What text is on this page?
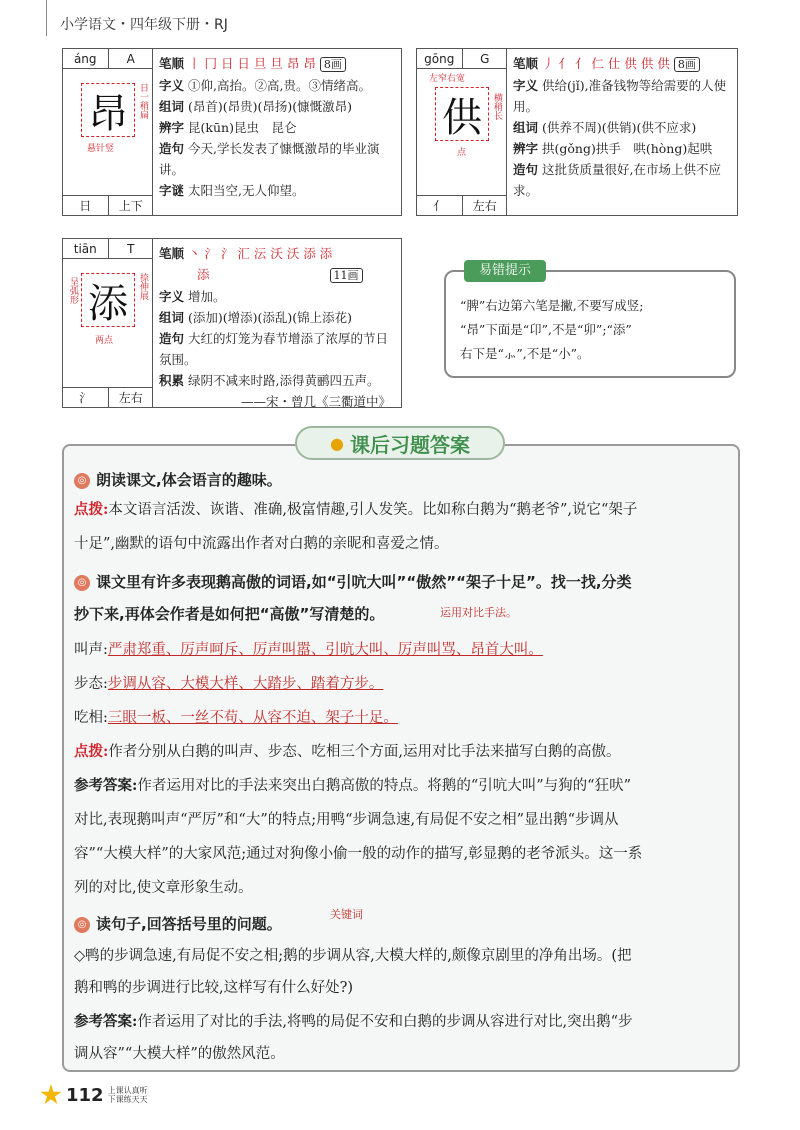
小学语文・四年级下册・RJ
áng	A
昂	日一稍扁
悬针竖
日	上下
笔顺 丨 冂 日 日 旦 旦 昂 昂 8画
字义 ①仰,高抬。②高,贵。③情绪高。
组词 (昂首)(昂贵)(昂扬)(慷慨激昂)
辨字 昆(kūn)昆虫　昆仑
造句 今天,学长发表了慷慨激昂的毕业演讲。
字谜 太阳当空,无人仰望。
gōng	G
左窄右宽
供	横稍长
点
亻	左右
笔顺 丿 亻 亻 仁 仕 供 供 供 8画
字义 供给(jǐ),准备钱物等给需要的人使用。
组词 (供养不周)(供销)(供不应求)
辨字 拱(gǒng)拱手　哄(hòng)起哄
造句 这批货质量很好,在市场上供不应求。
tiān	T
呈弧形 添	捺伸展
两点
氵	左右
笔顺 丶 氵 氵 汇 沄 沃 沃 添 添
添	11画
字义 增加。
组词 (添加)(增添)(添乱)(锦上添花)
造句 大红的灯笼为春节增添了浓厚的节日氛围。
积累 绿阴不减来时路,添得黄鹂四五声。
——宋・曾几《三衢道中》
易错提示
“脾”右边第六笔是撇,不要写成竖;
“昂”下面是“卬”,不是“卯”;“添”
右下是“⺗”,不是“小”。
● 课后习题答案
◎ 朗读课文,体会语言的趣味。
点拨:本文语言活泼、诙谐、准确,极富情趣,引人发笑。比如称白鹅为“鹅老爷”,说它“架子
十足”,幽默的语句中流露出作者对白鹅的亲昵和喜爱之情。
◎ 课文里有许多表现鹅高傲的词语,如“引吭大叫”“傲然”“架子十足”。找一找,分类
抄下来,再体会作者是如何把“高傲”写清楚的。	运用对比手法。
叫声:严肃郑重、厉声呵斥、厉声叫嚣、引吭大叫、厉声叫骂、昂首大叫。
步态:步调从容、大模大样、大踏步、踏着方步。
吃相:三眼一板、一丝不苟、从容不迫、架子十足。
点拨:作者分别从白鹅的叫声、步态、吃相三个方面,运用对比手法来描写白鹅的高傲。
参考答案:作者运用对比的手法来突出白鹅高傲的特点。将鹅的“引吭大叫”与狗的“狂吠”
对比,表现鹅叫声“严厉”和“大”的特点;用鸭“步调急速,有局促不安之相”显出鹅“步调从
容”“大模大样”的大家风范;通过对狗像小偷一般的动作的描写,彰显鹅的老爷派头。这一系
列的对比,使文章形象生动。
关键词
◎ 读句子,回答括号里的问题。
◇鸭的步调急速,有局促不安之相;鹅的步调从容,大模大样的,颇像京剧里的净角出场。(把
鹅和鸭的步调进行比较,这样写有什么好处?)
参考答案:作者运用了对比的手法,将鸭的局促不安和白鹅的步调从容进行对比,突出鹅“步
调从容”“大模大样”的傲然风范。
112 上课认真听
下课练天天
